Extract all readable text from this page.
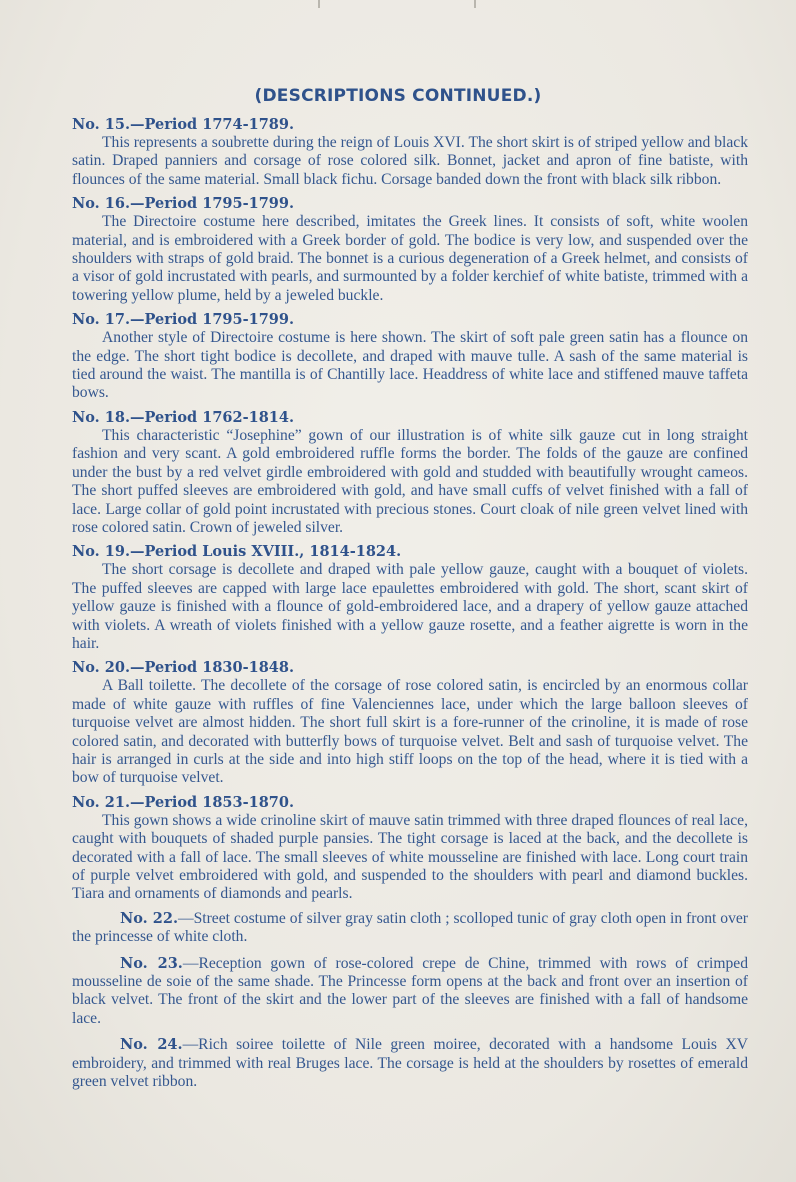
(DESCRIPTIONS CONTINUED.)

No. 15.—Period 1774-1789.

This represents a soubrette during the reign of Louis XVI. The short skirt is of striped yellow and black satin. Draped panniers and corsage of rose colored silk. Bonnet, jacket and apron of fine batiste, with flounces of the same material. Small black fichu. Corsage banded down the front with black silk ribbon.

No. 16.—Period 1795-1799.

The Directoire costume here described, imitates the Greek lines. It consists of soft, white woolen material, and is embroidered with a Greek border of gold. The bodice is very low, and suspended over the shoulders with straps of gold braid. The bonnet is a curious degeneration of a Greek helmet, and consists of a visor of gold incrustated with pearls, and surmounted by a folder kerchief of white batiste, trimmed with a towering yellow plume, held by a jeweled buckle.

No. 17.—Period 1795-1799.

Another style of Directoire costume is here shown. The skirt of soft pale green satin has a flounce on the edge. The short tight bodice is decollete, and draped with mauve tulle. A sash of the same material is tied around the waist. The mantilla is of Chantilly lace. Headdress of white lace and stiffened mauve taffeta bows.

No. 18.—Period 1762-1814.

This characteristic “Josephine” gown of our illustration is of white silk gauze cut in long straight fashion and very scant. A gold embroidered ruffle forms the border. The folds of the gauze are confined under the bust by a red velvet girdle embroidered with gold and studded with beautifully wrought cameos. The short puffed sleeves are embroidered with gold, and have small cuffs of velvet finished with a fall of lace. Large collar of gold point incrustated with precious stones. Court cloak of nile green velvet lined with rose colored satin. Crown of jeweled silver.

No. 19.—Period Louis XVIII., 1814-1824.

The short corsage is decollete and draped with pale yellow gauze, caught with a bouquet of violets. The puffed sleeves are capped with large lace epaulettes embroidered with gold. The short, scant skirt of yellow gauze is finished with a flounce of gold-embroidered lace, and a drapery of yellow gauze attached with violets. A wreath of violets finished with a yellow gauze rosette, and a feather aigrette is worn in the hair.

No. 20.—Period 1830-1848.

A Ball toilette. The decollete of the corsage of rose colored satin, is encircled by an enormous collar made of white gauze with ruffles of fine Valenciennes lace, under which the large balloon sleeves of turquoise velvet are almost hidden. The short full skirt is a fore-runner of the crinoline, it is made of rose colored satin, and decorated with butterfly bows of turquoise velvet. Belt and sash of turquoise velvet. The hair is arranged in curls at the side and into high stiff loops on the top of the head, where it is tied with a bow of turquoise velvet.

No. 21.—Period 1853-1870.

This gown shows a wide crinoline skirt of mauve satin trimmed with three draped flounces of real lace, caught with bouquets of shaded purple pansies. The tight corsage is laced at the back, and the decollete is decorated with a fall of lace. The small sleeves of white mousseline are finished with lace. Long court train of purple velvet embroidered with gold, and suspended to the shoulders with pearl and diamond buckles. Tiara and ornaments of diamonds and pearls.

No. 22.—Street costume of silver gray satin cloth ; scolloped tunic of gray cloth open in front over the princesse of white cloth.

No. 23.—Reception gown of rose-colored crepe de Chine, trimmed with rows of crimped mousseline de soie of the same shade. The Princesse form opens at the back and front over an insertion of black velvet. The front of the skirt and the lower part of the sleeves are finished with a fall of handsome lace.

No. 24.—Rich soiree toilette of Nile green moiree, decorated with a handsome Louis XV embroidery, and trimmed with real Bruges lace. The corsage is held at the shoulders by rosettes of emerald green velvet ribbon.
